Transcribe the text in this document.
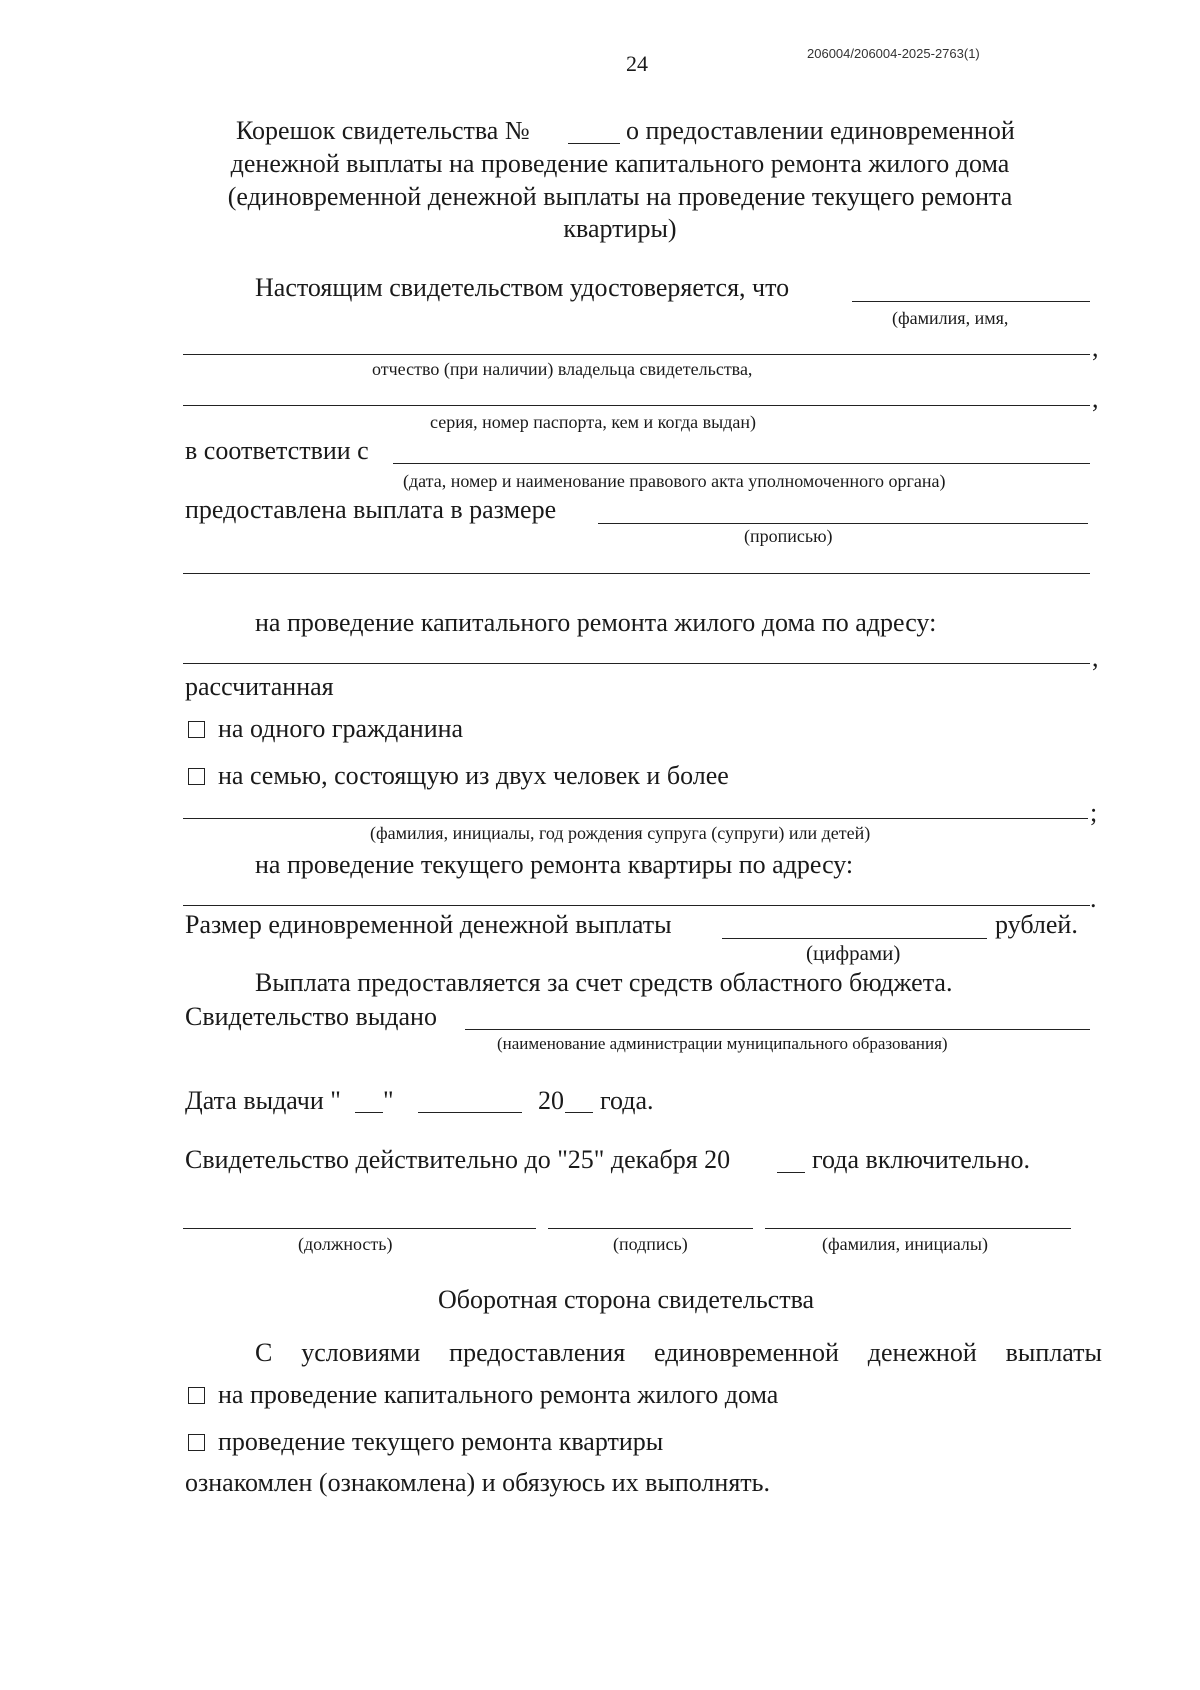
24	206004/206004-2025-2763(1)
Корешок свидетельства №	о предоставлении единовременной
денежной выплаты на проведение капитального ремонта жилого дома
(единовременной денежной выплаты на проведение текущего ремонта
квартиры)
Настоящим свидетельством удостоверяется, что
(фамилия, имя,
,
отчество (при наличии) владельца свидетельства,
,
серия, номер паспорта, кем и когда выдан)
в соответствии с
(дата, номер и наименование правового акта уполномоченного органа)
предоставлена выплата в размере
(прописью)
на проведение капитального ремонта жилого дома по адресу:
,
рассчитанная
на одного гражданина
на семью, состоящую из двух человек и более
;
(фамилия, инициалы, год рождения супруга (супруги) или детей)
на проведение текущего ремонта квартиры по адресу:
.
Размер единовременной денежной выплаты	рублей.
(цифрами)
Выплата предоставляется за счет средств областного бюджета.
Свидетельство выдано
(наименование администрации муниципального образования)
Дата выдачи " "	20 года.
Свидетельство действительно до "25" декабря 20	года включительно.
(должность)	(подпись)	(фамилия, инициалы)
Оборотная сторона свидетельства
С условиями предоставления единовременной денежной выплаты
на проведение капитального ремонта жилого дома
проведение текущего ремонта квартиры
ознакомлен (ознакомлена) и обязуюсь их выполнять.
